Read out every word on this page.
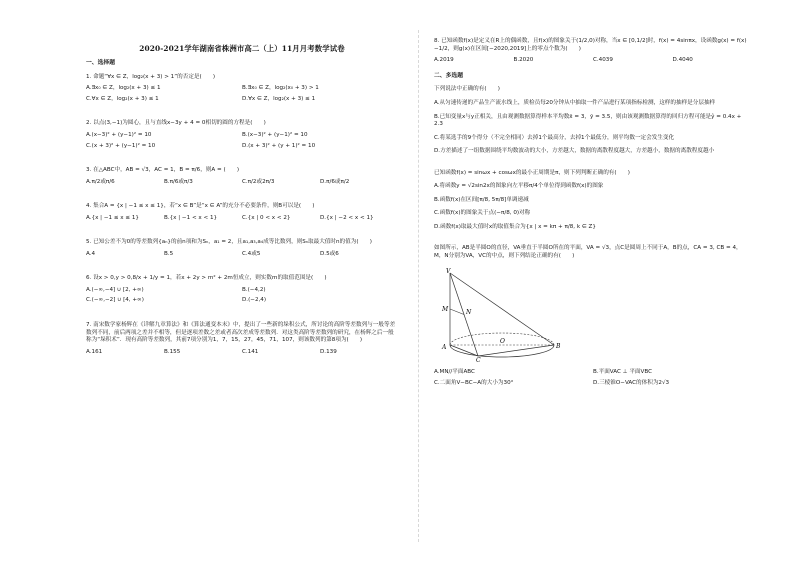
2020-2021学年湖南省株洲市高二（上）11月月考数学试卷
一、选择题
1. 命题“∀x ∈ Z，log₂(x + 3) > 1”的否定是(　　)
A.∃x₀ ∈ Z，log₂(x + 3) ≤ 1	B.∃x₀ ∈ Z，log₂(x₀ + 3) > 1
C.∀x ∈ Z，log₂(x + 3) ≤ 1	D.∀x ∈ Z，log₂(x + 3) ≤ 1
2. 以点(3,−1)为圆心，且与直线x−3y + 4 = 0相切的圆的方程是(　　)
A.(x−3)² + (y−1)² = 10	B.(x−3)² + (y−1)² = 10
C.(x + 3)² + (y−1)² = 10	D.(x + 3)² + (y + 1)² = 10
3. 在△ABC中，AB = √3，AC = 1，B = π/6，则A = (　　)
A.π/2或π/6	B.π/6或π/3	C.π/2或2π/3	D.π/6或π/2
4. 集合A = {x | −1 ≤ x ≤ 1}，若“x ∈ B”是“x ∈ A”的充分不必要条件，则B可以是(　　)
A.{x | −1 ≤ x ≤ 1}	B.{x | −1 < x < 1}	C.{x | 0 < x < 2}	D.{x | −2 < x < 1}
5. 已知公差不为0的等差数列{aₙ}的前n项和为Sₙ，a₁ = 2，且a₁,a₃,a₄成等比数列，则Sₙ取最大值时n的值为(　　)
A.4	B.5	C.4或5	D.5或6
6. 设x > 0,y > 0,8/x + 1/y = 1，若x + 2y > m² + 2m恒成立，则实数m的取值范围是(　　)
A.(−∞,−4] ∪ [2, +∞)	B.(−4,2)
C.(−∞,−2] ∪ [4, +∞)	D.(−2,4)
7. 南宋数学家杨辉在《详解九章算法》和《算法通变本末》中，提出了一些新的垛积公式，所讨论的高阶等差数列与一般等差数列不同，前后两项之差并不相等，但是逐项差数之差或者高次差成等差数列．对这类高阶等差数列的研究，在杨辉之后一般称为“垛积术”．现有高阶等差数列，其前7项分别为1，7，15，27，45，71，107，则该数列的第8项为(　　)
A.161	B.155	C.141	D.139
8. 已知函数f(x)是定义在R上的偶函数，且f(x)的图象关于(1/2,0)对称，当x ∈ [0,1/2]时，f(x) = 4sinπx，设函数g(x) = f(x)−1/2，则g(x)在区间[−2020,2019]上的零点个数为(　　)
A.2019	B.2020	C.4039	D.4040
二、多选题
下列说法中正确的有(　　)
A.从匀速传递的产品生产流水线上，质检员每20分钟从中抽取一件产品进行某项指标检测，这样的抽样是分层抽样
B.已知变量x与y正相关，且由观测数据算得样本平均数x̄ = 3，ȳ = 3.5，则由该观测数据算得的回归方程可能是ŷ = 0.4x + 2.3
C.将某选手的9个得分（不完全相同）去掉1个最高分，去掉1个最低分，则平均数一定会发生变化
D.方差描述了一组数据围绕平均数波动的大小，方差越大，数据的离散程度越大，方差越小，数据的离散程度越小
已知函数f(x) = sinωx + cosωx的最小正周期是π，则下列判断正确的有(　　)
A.将函数y = √2sin2x的图象向左平移π/4个单位得到函数f(x)的图象
B.函数f(x)在区间[π/8, 5π/8]单调递减
C.函数f(x)的图象关于点(−π/8, 0)对称
D.函数f(x)取最大值时x的取值集合为{x | x = kπ + π/8, k ∈ Z}
如图所示，AB是半圆O的直径，VA垂直于半圆O所在的平面，VA = √3，点C是圆周上不同于A，B的点，CA = 3, CB = 4，M，N分别为VA，VC的中点，则下列结论正确的有(　　)
V
N
M
A
O
B
C
A.MN//平面ABC	B.平面VAC ⊥ 平面VBC
C.二面角V−BC−A的大小为30°	D.三棱锥O−VAC的体积为2√3
